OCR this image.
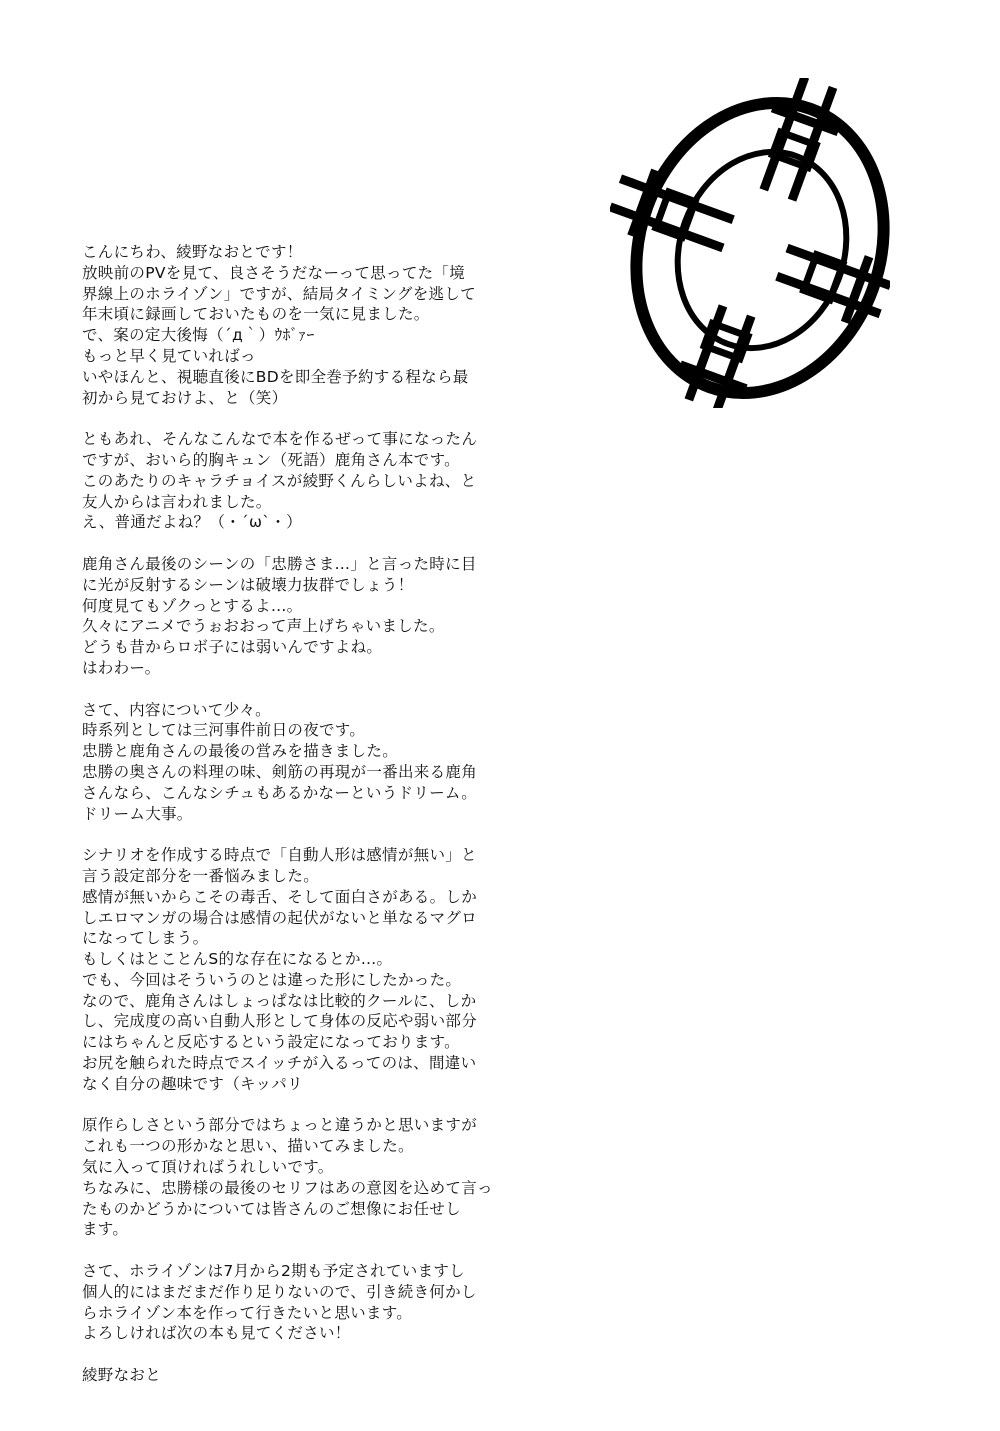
こんにちわ、綾野なおとです！
放映前のPVを見て、良さそうだなーって思ってた「境
界線上のホライゾン」ですが、結局タイミングを逃して
年末頃に録画しておいたものを一気に見ました。
で、案の定大後悔（´д｀）ｳﾎﾞｧｰ
もっと早く見ていればっ
いやほんと、視聴直後にBDを即全巻予約する程なら最
初から見ておけよ、と（笑）
ともあれ、そんなこんなで本を作るぜって事になったん
ですが、おいら的胸キュン（死語）鹿角さん本です。
このあたりのキャラチョイスが綾野くんらしいよね、と
友人からは言われました。
え、普通だよね？（・´ω`・）
鹿角さん最後のシーンの「忠勝さま…」と言った時に目
に光が反射するシーンは破壊力抜群でしょう！
何度見てもゾクっとするよ…。
久々にアニメでうぉおおって声上げちゃいました。
どうも昔からロボ子には弱いんですよね。
はわわー。
さて、内容について少々。
時系列としては三河事件前日の夜です。
忠勝と鹿角さんの最後の営みを描きました。
忠勝の奥さんの料理の味、剣筋の再現が一番出来る鹿角
さんなら、こんなシチュもあるかなーというドリーム。
ドリーム大事。
シナリオを作成する時点で「自動人形は感情が無い」と
言う設定部分を一番悩みました。
感情が無いからこその毒舌、そして面白さがある。しか
しエロマンガの場合は感情の起伏がないと単なるマグロ
になってしまう。
もしくはとことんS的な存在になるとか…。
でも、今回はそういうのとは違った形にしたかった。
なので、鹿角さんはしょっぱなは比較的クールに、しか
し、完成度の高い自動人形として身体の反応や弱い部分
にはちゃんと反応するという設定になっております。
お尻を触られた時点でスイッチが入るってのは、間違い
なく自分の趣味です（キッパリ
原作らしさという部分ではちょっと違うかと思いますが
これも一つの形かなと思い、描いてみました。
気に入って頂ければうれしいです。
ちなみに、忠勝様の最後のセリフはあの意図を込めて言っ
たものかどうかについては皆さんのご想像にお任せし
ます。
さて、ホライゾンは7月から2期も予定されていますし
個人的にはまだまだ作り足りないので、引き続き何かし
らホライゾン本を作って行きたいと思います。
よろしければ次の本も見てください！
綾野なおと
